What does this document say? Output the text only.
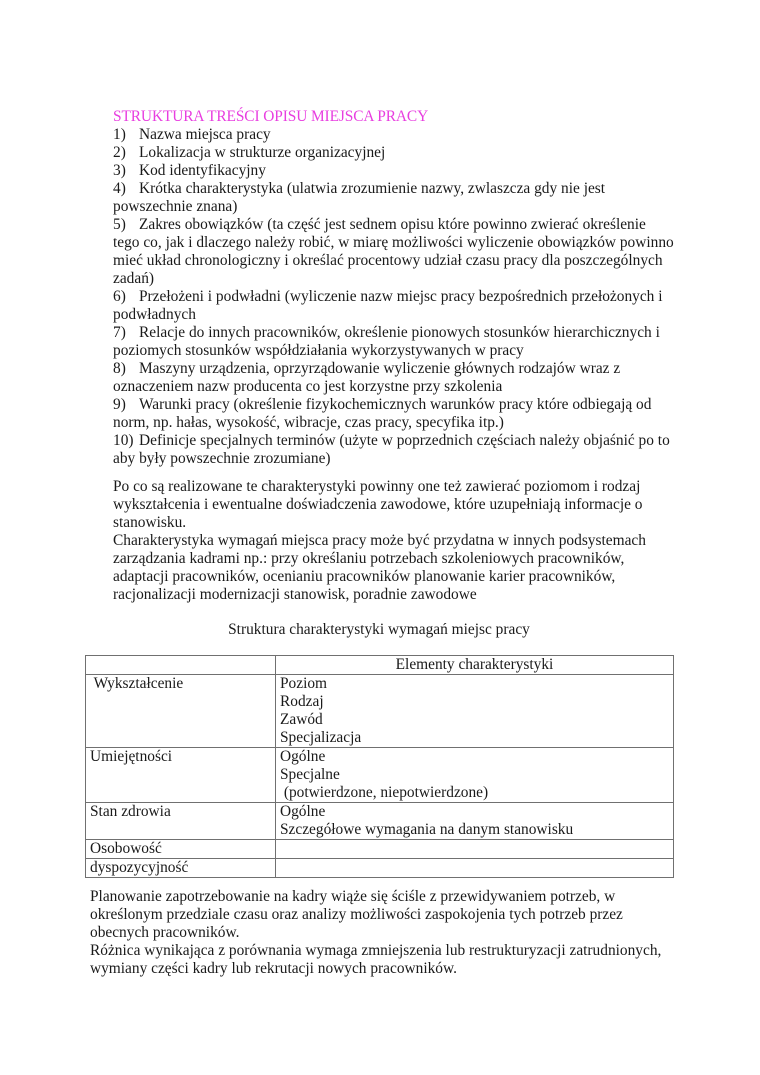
STRUKTURA TREŚCI OPISU MIEJSCA PRACY
1) Nazwa miejsca pracy
2) Lokalizacja w strukturze organizacyjnej
3) Kod identyfikacyjny
4) Krótka charakterystyka (ulatwia zrozumienie nazwy, zwlaszcza gdy nie jest
powszechnie znana)
5) Zakres obowiązków (ta część jest sednem opisu które powinno zwierać określenie
tego co, jak i dlaczego należy robić, w miarę możliwości wyliczenie obowiązków powinno mieć układ chronologiczny i określać procentowy udział czasu pracy dla poszczególnych zadań)
6) Przełożeni i podwładni (wyliczenie nazw miejsc pracy bezpośrednich przełożonych i
podwładnych
7) Relacje do innych pracowników, określenie pionowych stosunków hierarchicznych i
poziomych stosunków współdziałania wykorzystywanych w pracy
8) Maszyny urządzenia, oprzyrządowanie wyliczenie głównych rodzajów wraz z
oznaczeniem nazw producenta co jest korzystne przy szkolenia
9) Warunki pracy (określenie fizykochemicznych warunków pracy które odbiegają od
norm, np. hałas, wysokość, wibracje, czas pracy, specyfika itp.)
10) Definicje specjalnych terminów (użyte w poprzednich częściach należy objaśnić po to
aby były powszechnie zrozumiane)

Po co są realizowane te charakterystyki powinny one też zawierać poziomom i rodzaj wykształcenia i ewentualne doświadczenia zawodowe, które uzupełniają informacje o stanowisku.

Charakterystyka wymagań miejsca pracy może być przydatna w innych podsystemach zarządzania kadrami np.: przy określaniu potrzebach szkoleniowych pracowników, adaptacji pracowników, ocenianiu pracowników planowanie karier pracowników, racjonalizacji modernizacji stanowisk, poradnie zawodowe

Struktura charakterystyki wymagań miejsc pracy
	Elementy charakterystyki
Wykształcenie	Poziom
Rodzaj
Zawód
Specjalizacja

Umiejętności	Ogólne
Specjalne
(potwierdzone, niepotwierdzone)

Stan zdrowia	Ogólne
Szczegółowe wymagania na danym stanowisku

Osobowość	

dyspozycyjność	

Planowanie zapotrzebowanie na kadry wiąże się ściśle z przewidywaniem potrzeb, w określonym przedziale czasu oraz analizy możliwości zaspokojenia tych potrzeb przez obecnych pracowników.

Różnica wynikająca z porównania wymaga zmniejszenia lub restrukturyzacji zatrudnionych, wymiany części kadry lub rekrutacji nowych pracowników.
